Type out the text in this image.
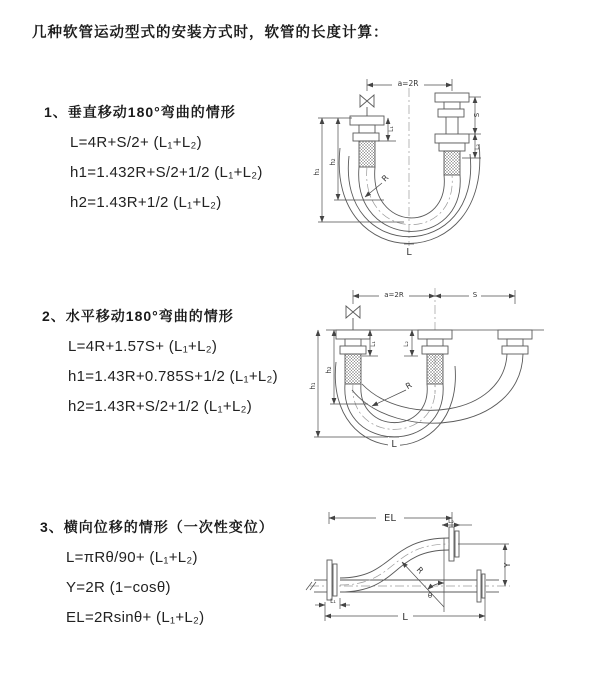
几种软管运动型式的安装方式时，软管的长度计算：
1、垂直移动180°弯曲的情形
L=4R+S/2+ (L₁+L₂)
h1=1.432R+S/2+1/2 (L₁+L₂)
h2=1.43R+1/2 (L₁+L₂)
2、水平移动180°弯曲的情形
L=4R+1.57S+ (L₁+L₂)
h1=1.43R+0.785S+1/2 (L₁+L₂)
h2=1.43R+S/2+1/2 (L₁+L₂)
3、横向位移的情形（一次性变位）
L=πRθ/90+ (L₁+L₂)
Y=2R (1−cosθ)
EL=2Rsinθ+ (L₁+L₂)
a=2R
h₁
h₂
L₁
S
L₂
R
L
a=2R	S
h₁
h₂
L₁	L₂
R
L
EL	L₂
R
θ
Y
L
L₁
